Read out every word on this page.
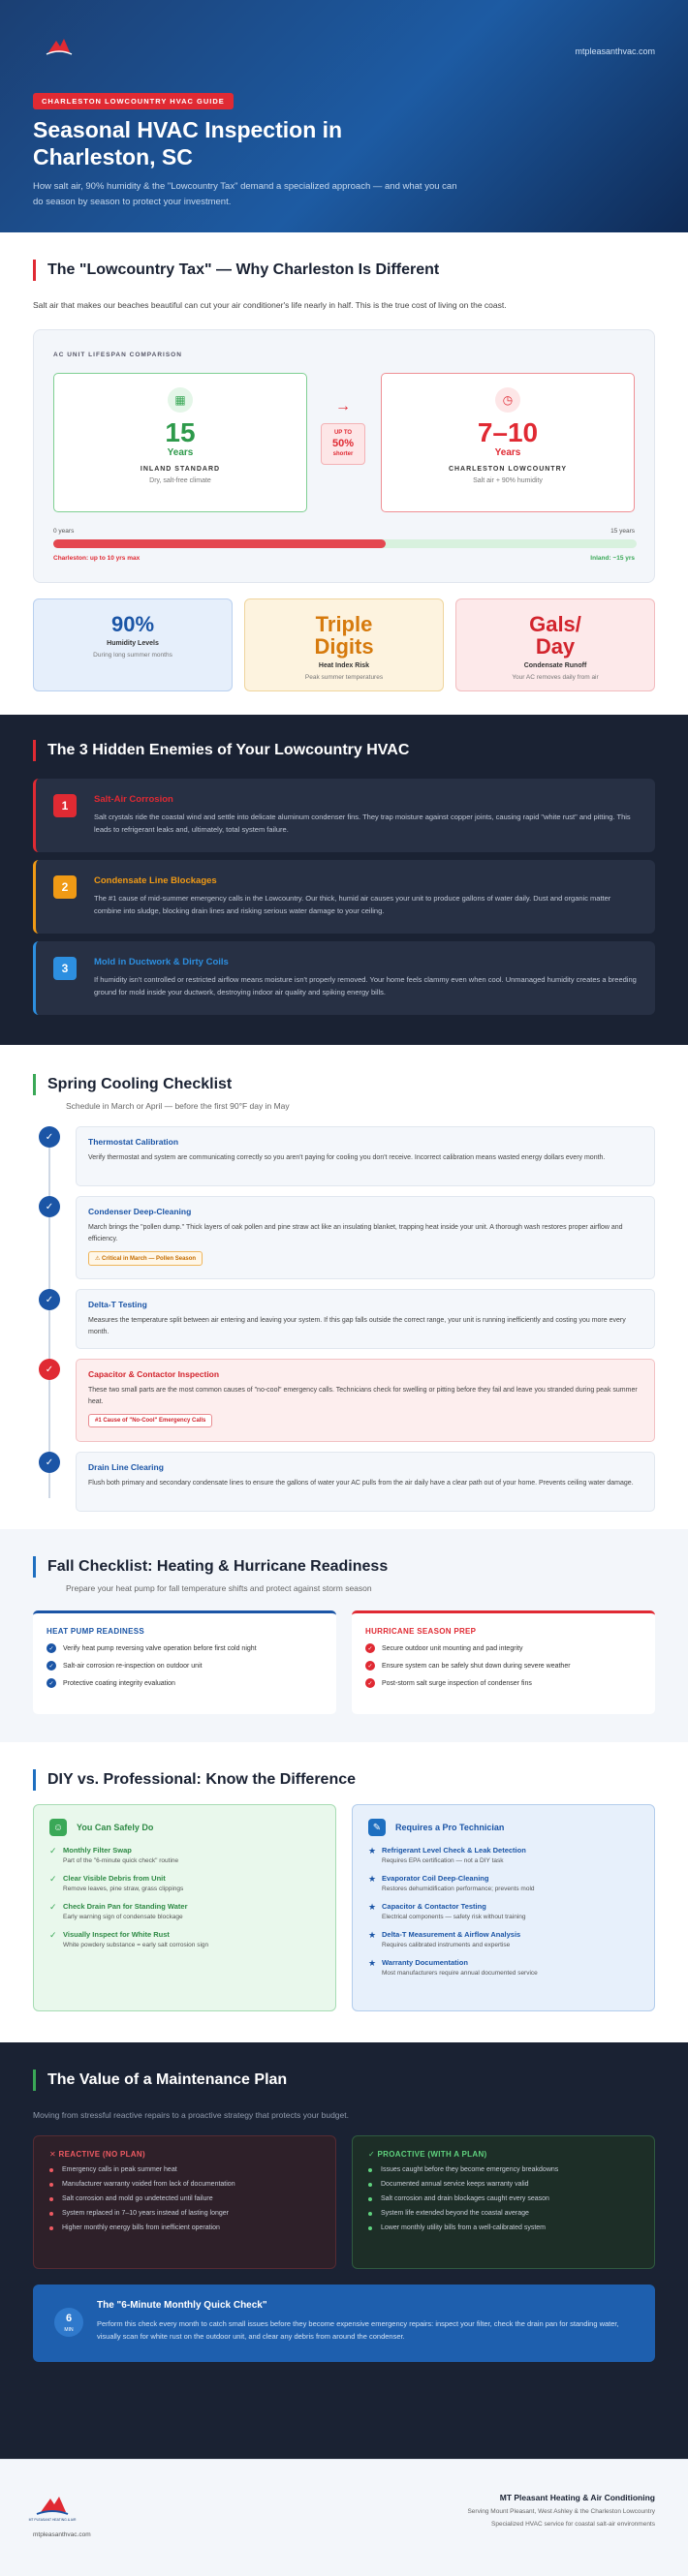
mtpleasanthvac.com
CHARLESTON LOWCOUNTRY HVAC GUIDE
Seasonal HVAC Inspection in Charleston, SC

How salt air, 90% humidity & the "Lowcountry Tax" demand a specialized approach — and what you can do season by season to protect your investment.

The "Lowcountry Tax" — Why Charleston Is Different

Salt air that makes our beaches beautiful can cut your air conditioner's life nearly in half. This is the true cost of living on the coast.

AC UNIT LIFESPAN COMPARISON
▦
15
Years
INLAND STANDARD
Dry, salt-free climate
→
UP TO
50%
shorter
◷
7–10
Years
CHARLESTON LOWCOUNTRY
Salt air + 90% humidity
0 years	15 years
Charleston: up to 10 yrs max	Inland: ~15 yrs
90%
Humidity Levels
During long summer months
Triple Digits
Heat Index Risk
Peak summer temperatures
Gals/ Day
Condensate Runoff
Your AC removes daily from air
The 3 Hidden Enemies of Your Lowcountry HVAC
1	Salt-Air Corrosion
Salt crystals ride the coastal wind and settle into delicate aluminum condenser fins. They trap moisture against copper joints, causing rapid "white rust" and pitting. This leads to refrigerant leaks and, ultimately, total system failure.
2	Condensate Line Blockages
The #1 cause of mid-summer emergency calls in the Lowcountry. Our thick, humid air causes your unit to produce gallons of water daily. Dust and organic matter combine into sludge, blocking drain lines and risking serious water damage to your ceiling.
3	Mold in Ductwork & Dirty Coils
If humidity isn't controlled or restricted airflow means moisture isn't properly removed. Your home feels clammy even when cool. Unmanaged humidity creates a breeding ground for mold inside your ductwork, destroying indoor air quality and spiking energy bills.
Spring Cooling Checklist

Schedule in March or April — before the first 90°F day in May

✓	Thermostat Calibration
Verify thermostat and system are communicating correctly so you aren't paying for cooling you don't receive. Incorrect calibration means wasted energy dollars every month.
✓	Condenser Deep-Cleaning
March brings the "pollen dump." Thick layers of oak pollen and pine straw act like an insulating blanket, trapping heat inside your unit. A thorough wash restores proper airflow and efficiency.
⚠ Critical in March — Pollen Season
✓	Delta-T Testing
Measures the temperature split between air entering and leaving your system. If this gap falls outside the correct range, your unit is running inefficiently and costing you more every month.
✓	Capacitor & Contactor Inspection
These two small parts are the most common causes of "no-cool" emergency calls. Technicians check for swelling or pitting before they fail and leave you stranded during peak summer heat.
#1 Cause of "No-Cool" Emergency Calls
✓	Drain Line Clearing
Flush both primary and secondary condensate lines to ensure the gallons of water your AC pulls from the air daily have a clear path out of your home. Prevents ceiling water damage.
Fall Checklist: Heating & Hurricane Readiness

Prepare your heat pump for fall temperature shifts and protect against storm season

HEAT PUMP READINESS
✓	Verify heat pump reversing valve operation before first cold night
✓	Salt-air corrosion re-inspection on outdoor unit
✓	Protective coating integrity evaluation
HURRICANE SEASON PREP
✓	Secure outdoor unit mounting and pad integrity
✓	Ensure system can be safely shut down during severe weather
✓	Post-storm salt surge inspection of condenser fins
DIY vs. Professional: Know the Difference
☺	You Can Safely Do
✓ Monthly Filter Swap
Part of the "6-minute quick check" routine
✓ Clear Visible Debris from Unit
Remove leaves, pine straw, grass clippings
✓ Check Drain Pan for Standing Water
Early warning sign of condensate blockage
✓ Visually Inspect for White Rust
White powdery substance = early salt corrosion sign
✎	Requires a Pro Technician
★ Refrigerant Level Check & Leak Detection
Requires EPA certification — not a DIY task
★ Evaporator Coil Deep-Cleaning
Restores dehumidification performance; prevents mold
★ Capacitor & Contactor Testing
Electrical components — safety risk without training
★ Delta-T Measurement & Airflow Analysis
Requires calibrated instruments and expertise
★ Warranty Documentation
Most manufacturers require annual documented service
The Value of a Maintenance Plan

Moving from stressful reactive repairs to a proactive strategy that protects your budget.

✕ REACTIVE (NO PLAN)
Emergency calls in peak summer heat
Manufacturer warranty voided from lack of documentation
Salt corrosion and mold go undetected until failure
System replaced in 7–10 years instead of lasting longer
Higher monthly energy bills from inefficient operation
✓ PROACTIVE (WITH A PLAN)
Issues caught before they become emergency breakdowns
Documented annual service keeps warranty valid
Salt corrosion and drain blockages caught every season
System life extended beyond the coastal average
Lower monthly utility bills from a well-calibrated system
6
MIN
The "6-Minute Monthly Quick Check"
Perform this check every month to catch small issues before they become expensive emergency repairs: inspect your filter, check the drain pan for standing water, visually scan for white rust on the outdoor unit, and clear any debris from around the condenser.
MT PLEASANT HEATING & AIR
mtpleasanthvac.com
MT Pleasant Heating & Air Conditioning
Serving Mount Pleasant, West Ashley & the Charleston Lowcountry
Specialized HVAC service for coastal salt-air environments
